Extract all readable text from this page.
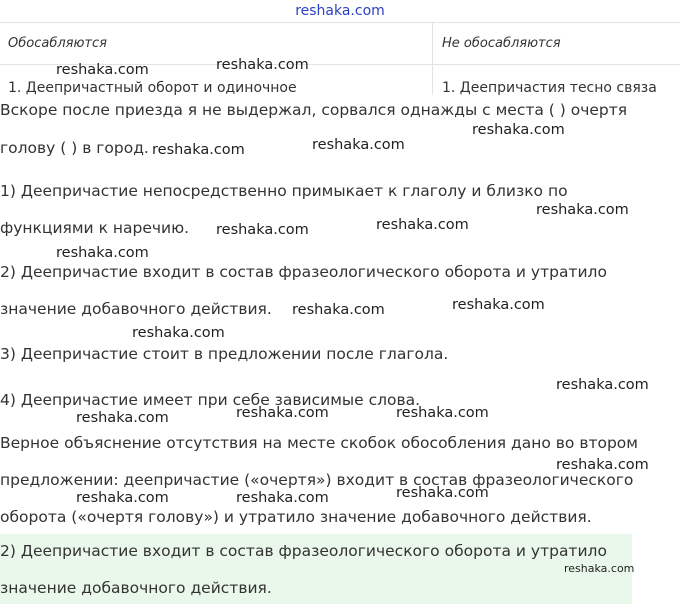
reshaka.com
Обосабляются	Не обосабляются
1. Деепричастный оборот и одиночное	1. Деепричастия тесно связа
Вскоре после приезда я не выдержал, сорвался однажды с места ( ) очертя
голову ( ) в город.
1) Деепричастие непосредственно примыкает к глаголу и близко по
функциями к наречию.
2) Деепричастие входит в состав фразеологического оборота и утратило
значение добавочного действия.
3) Деепричастие стоит в предложении после глагола.
4) Деепричастие имеет при себе зависимые слова.
Верное объяснение отсутствия на месте скобок обособления дано во втором
предложении: деепричастие («очертя») входит в состав фразеологического
оборота («очертя голову») и утратило значение добавочного действия.
2) Деепричастие входит в состав фразеологического оборота и утратило
значение добавочного действия.
reshaka.com	reshaka.com
reshaka.com
reshaka.com	reshaka.com
reshaka.com
reshaka.com	reshaka.com
reshaka.com
reshaka.com	reshaka.com
reshaka.com
reshaka.com
reshaka.com	reshaka.com	reshaka.com
reshaka.com
reshaka.com	reshaka.com	reshaka.com
reshaka.com
